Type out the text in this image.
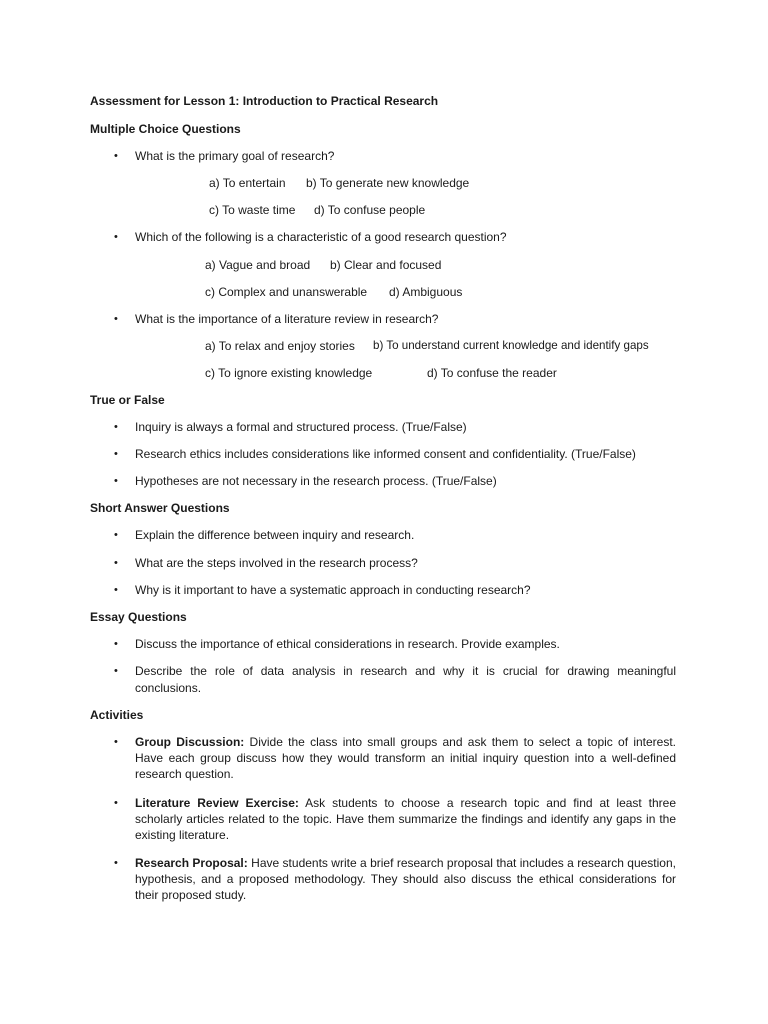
Assessment for Lesson 1: Introduction to Practical Research
Multiple Choice Questions
• What is the primary goal of research?
a) To entertain b) To generate new knowledge
c) To waste time d) To confuse people
• Which of the following is a characteristic of a good research question?
a) Vague and broad b) Clear and focused
c) Complex and unanswerable d) Ambiguous
• What is the importance of a literature review in research?
a) To relax and enjoy stories b) To understand current knowledge and identify gaps
c) To ignore existing knowledge	d) To confuse the reader
True or False
• Inquiry is always a formal and structured process. (True/False)
• Research ethics includes considerations like informed consent and confidentiality. (True/False)
• Hypotheses are not necessary in the research process. (True/False)
Short Answer Questions
• Explain the difference between inquiry and research.
• What are the steps involved in the research process?
• Why is it important to have a systematic approach in conducting research?
Essay Questions
• Discuss the importance of ethical considerations in research. Provide examples.
• Describe the role of data analysis in research and why it is crucial for drawing meaningful conclusions.
Activities
• Group Discussion: Divide the class into small groups and ask them to select a topic of interest. Have each group discuss how they would transform an initial inquiry question into a well-defined research question.
• Literature Review Exercise: Ask students to choose a research topic and find at least three scholarly articles related to the topic. Have them summarize the findings and identify any gaps in the existing literature.
• Research Proposal: Have students write a brief research proposal that includes a research question, hypothesis, and a proposed methodology. They should also discuss the ethical considerations for their proposed study.
